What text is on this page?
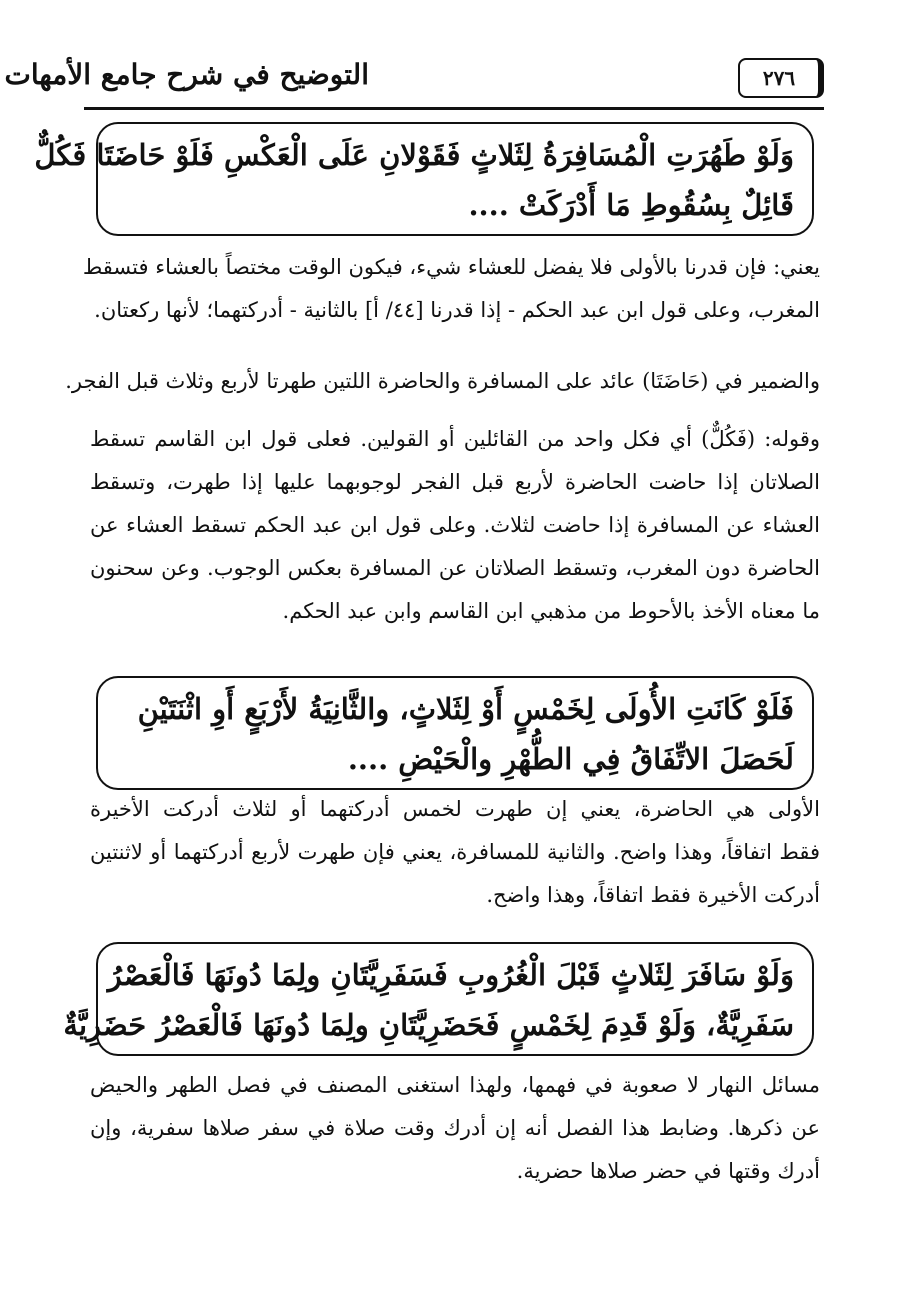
التوضيح في شرح جامع الأمهات	٢٧٦
وَلَوْ طَهُرَتِ الْمُسَافِرَةُ لِثَلاثٍ فَقَوْلانِ عَلَى الْعَكْسِ فَلَوْ حَاضَتَا فَكُلٌّ
قَائِلٌ بِسُقُوطِ مَا أَدْرَكَتْ ....
يعني: فإن قدرنا بالأولى فلا يفضل للعشاء شيء، فيكون الوقت مختصاً بالعشاء فتسقط
المغرب، وعلى قول ابن عبد الحكم - إذا قدرنا [٤٤/ أ] بالثانية - أدركتهما؛ لأنها ركعتان.
والضمير في (حَاضَتَا) عائد على المسافرة والحاضرة اللتين طهرتا لأربع وثلاث قبل الفجر.
وقوله: (فَكُلٌّ) أي فكل واحد من القائلين أو القولين. فعلى قول ابن القاسم تسقط
الصلاتان إذا حاضت الحاضرة لأربع قبل الفجر لوجوبهما عليها إذا طهرت، وتسقط
العشاء عن المسافرة إذا حاضت لثلاث. وعلى قول ابن عبد الحكم تسقط العشاء عن
الحاضرة دون المغرب، وتسقط الصلاتان عن المسافرة بعكس الوجوب. وعن سحنون
ما معناه الأخذ بالأحوط من مذهبي ابن القاسم وابن عبد الحكم.
فَلَوْ كَانَتِ الأُولَى لِخَمْسٍ أَوْ لِثَلاثٍ، والثَّانِيَةُ لأَرْبَعٍ أَوِ اثْنَتَيْنِ
لَحَصَلَ الاتِّفَاقُ فِي الطُّهْرِ والْحَيْضِ ....
الأولى هي الحاضرة، يعني إن طهرت لخمس أدركتهما أو لثلاث أدركت الأخيرة
فقط اتفاقاً، وهذا واضح. والثانية للمسافرة، يعني فإن طهرت لأربع أدركتهما أو لاثنتين
أدركت الأخيرة فقط اتفاقاً، وهذا واضح.
وَلَوْ سَافَرَ لِثَلاثٍ قَبْلَ الْغُرُوبِ فَسَفَرِيَّتَانِ ولِمَا دُونَهَا فَالْعَصْرُ
سَفَرِيَّةٌ، وَلَوْ قَدِمَ لِخَمْسٍ فَحَضَرِيَّتَانِ ولِمَا دُونَهَا فَالْعَصْرُ حَضَرِيَّةٌ
مسائل النهار لا صعوبة في فهمها، ولهذا استغنى المصنف في فصل الطهر والحيض
عن ذكرها. وضابط هذا الفصل أنه إن أدرك وقت صلاة في سفر صلاها سفرية، وإن
أدرك وقتها في حضر صلاها حضرية.
